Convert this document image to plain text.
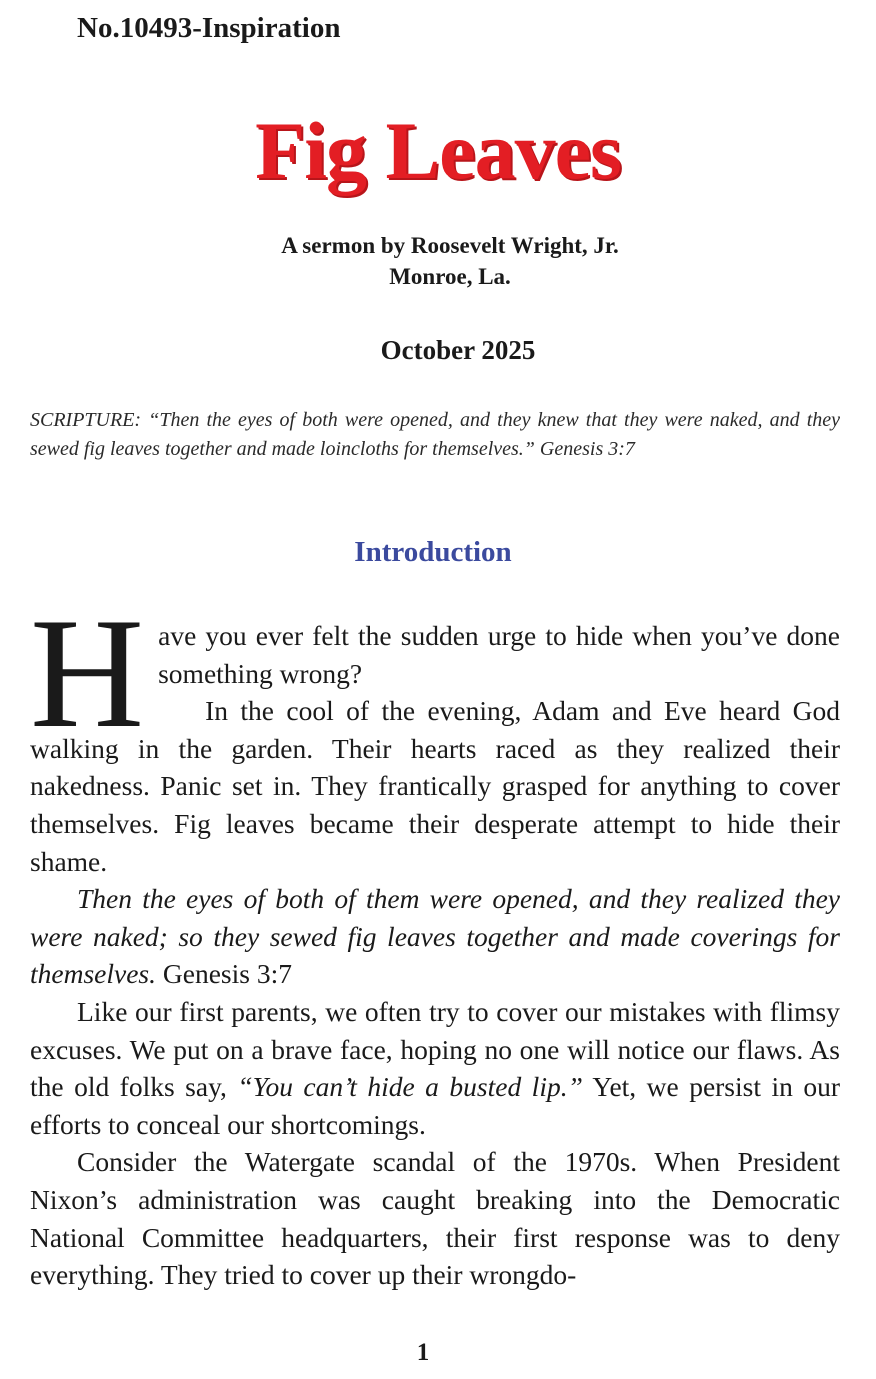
No.10493-Inspiration
Fig Leaves
A sermon by Roosevelt Wright, Jr.
Monroe, La.
October 2025

SCRIPTURE: “Then the eyes of both were opened, and they knew that they were naked, and they sewed fig leaves together and made loincloths for themselves.” Genesis 3:7

Introduction

Have you ever felt the sudden urge to hide when you’ve done something wrong?

In the cool of the evening, Adam and Eve heard God walking in the garden. Their hearts raced as they realized their nakedness. Panic set in. They frantically grasped for anything to cover themselves. Fig leaves became their desperate attempt to hide their shame.

Then the eyes of both of them were opened, and they realized they were naked; so they sewed fig leaves together and made coverings for themselves. Genesis 3:7

Like our first parents, we often try to cover our mistakes with flimsy excuses. We put on a brave face, hoping no one will notice our flaws. As the old folks say, “You can’t hide a busted lip.” Yet, we persist in our efforts to conceal our shortcomings.

Consider the Watergate scandal of the 1970s. When President Nixon’s administration was caught breaking into the Democratic National Committee headquarters, their first response was to deny everything. They tried to cover up their wrongdo-

1
